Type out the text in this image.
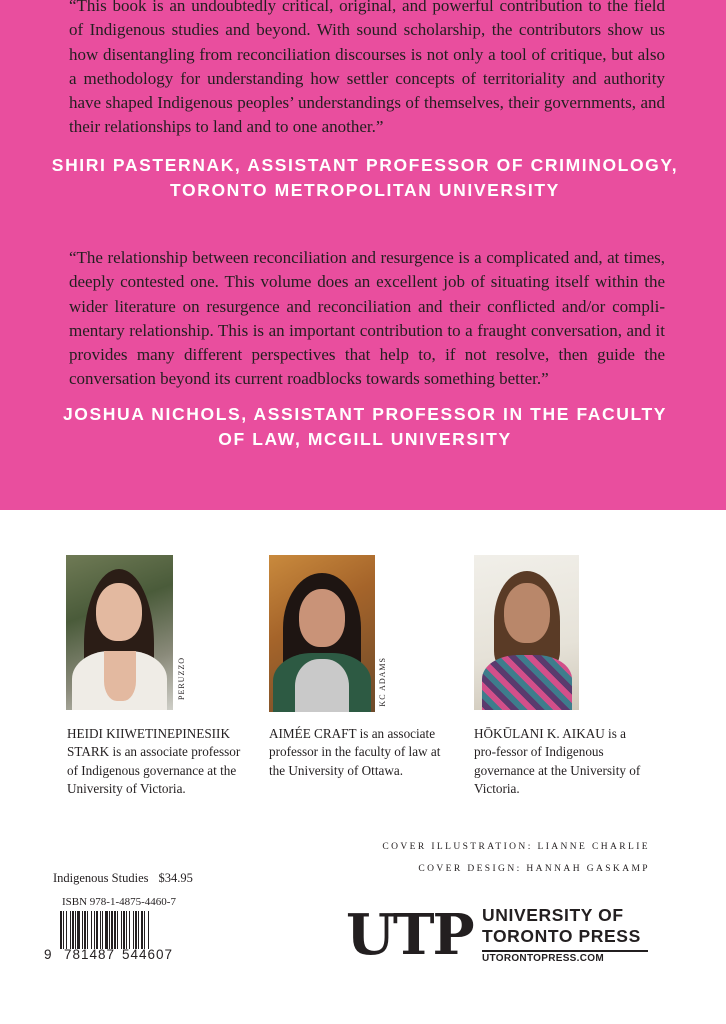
“This book is an undoubtedly critical, original, and powerful contribution to the field of Indigenous studies and beyond. With sound scholarship, the contributors show us how disentangling from reconciliation discourses is not only a tool of critique, but also a methodology for understanding how settler concepts of territoriality and authority have shaped Indigenous peoples’ understandings of themselves, their governments, and their relationships to land and to one another.”

SHIRI PASTERNAK, ASSISTANT PROFESSOR OF CRIMINOLOGY,
TORONTO METROPOLITAN UNIVERSITY

“The relationship between reconciliation and resurgence is a complicated and, at times, deeply contested one. This volume does an excellent job of situating itself within the wider literature on resurgence and reconciliation and their conflicted and/or compli-mentary relationship. This is an important contribution to a fraught conversation, and it provides many different perspectives that help to, if not resolve, then guide the conversation beyond its current roadblocks towards something better.”

JOSHUA NICHOLS, ASSISTANT PROFESSOR IN THE FACULTY
OF LAW, MCGILL UNIVERSITY
PERUZZO	KC ADAMS

HEIDI KIIWETINEPINESIIK STARK is an associate professor of Indigenous governance at the University of Victoria.

AIMÉE CRAFT is an associate professor in the faculty of law at the University of Ottawa.

HŌKŪLANI K. AIKAU is a pro-fessor of Indigenous governance at the University of Victoria.

COVER ILLUSTRATION: LIANNE CHARLIE
COVER DESIGN: HANNAH GASKAMP
Indigenous Studies $34.95
ISBN 978-1-4875-4460-7
9 781487 544607	UTP UNIVERSITY OF
TORONTO PRESS
UTORONTOPRESS.COM
